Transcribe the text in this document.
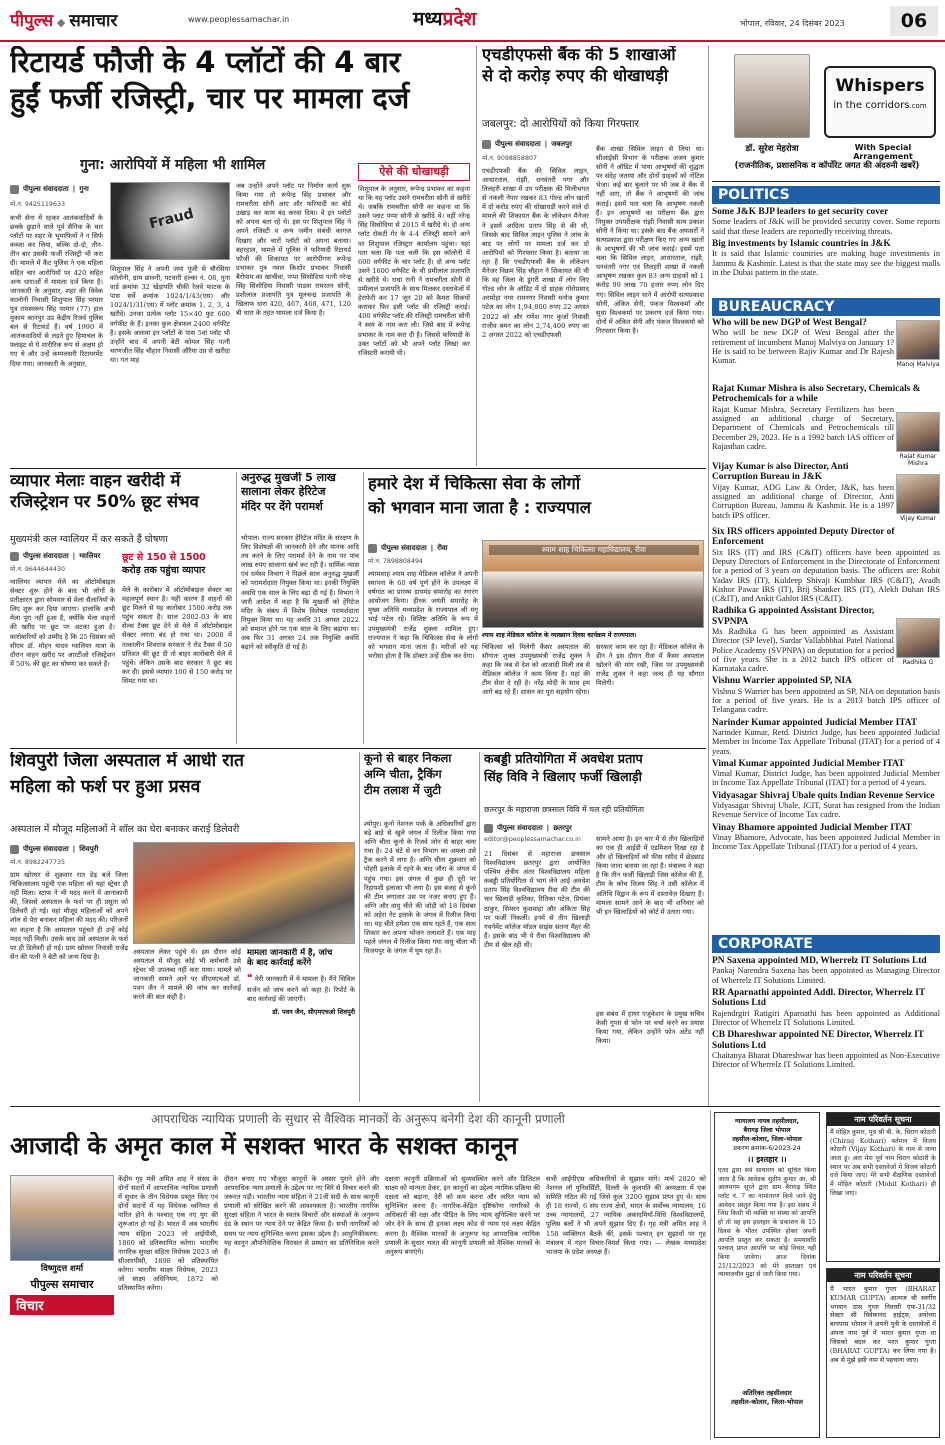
पीपुल्स ◆ समाचार	www.peoplessamachar.in	मध्यप्रदेश	भोपाल, रविवार, 24 दिसंबर 2023	06
रिटायर्ड फौजी के 4 प्लॉटों की 4 बार
हुईं फर्जी रजिस्ट्री, चार पर मामला दर्ज
गुना: आरोपियों में महिला भी शामिल
पीपुल्स संवाददाता | गुना
मो.नं. 9425119633
कभी सेना में रहकर आतंकवादियों के छक्के छुड़ाने वाले पूर्व सैनिक के चार प्लॉटों पर शहर के भूमाफियों ने न सिर्फ कब्जा कर लिया, बल्कि दो-दो, तीन-तीन बार उसकी फर्जी रजिस्ट्री भी करा दी। मामले में कैंट पुलिस ने एक महिला सहित चार आरोपियों पर 420 सहित अन्य धाराओं में मामला दर्ज किया है। जानकारी के अनुसार, शहर की विवेक कालोनी निवासी शिशुपाल सिंह परमार पुत्र रामस्वरूप सिंह परमार (77) हाल मुकाम कानपुर उप्र केंद्रीय रिजर्व पुलिस बल से रिटायर्ड हैं। वर्ष 1990 में आतंकवादियों से लड़ते हुए हिमाचल के फ्लाइट से ये शारीरिक रूप से अक्षम हो गए थे और उन्हें कम्पलसरी रिटायरमेंट दिया गया। जानकारी के अनुसार,
Fraud
शिशुपाल सिंह ने अपनी जमा पूंजी से चौरसिया कॉलोनी, ग्राम छावनी, पटवारी हल्का नं. 08, गुना वार्ड क्रमांक 32 खेड़ापति चौकी रेलवे फाटक के पास सर्वे क्रमांक 1024/1/43(एस) और 1024/1/31(एस) में प्लॉट क्रमांक 1, 2, 3, 4 खरीदे। उनका प्रत्येक प्लॉट 15×40 फुट 600 वर्गफीट के हैं। इनका कुल क्षेत्रफल 2400 वर्गफीट है। इसके अलावा इन प्लॉटों के पास 5वां प्लॉट भी उन्होंने बाद में अपनी बेटी कोमल सिंह पत्नी चरणजीत सिंह चौहान निवासी औरैया उप्र से खरीदा था। गत माह
जब उन्होंने अपने प्लॉट पर निर्माण कार्य शुरू किया गया तो रूपेन्द्र सिंह प्रभाकर और रामचरीता सोनी आए और फरियादी का बोर्ड उखाड़ कर काम बंद करवा दिया। वे इन प्लॉटों को अपना बता रहे थे। इस पर शिशुपाल सिंह ने अपने रजिस्टी व अन्य जमीन संबंधी कागज दिखाए और चारों प्लॉटों को अपना बताया। बहरहाल, मामले में पुलिस ने फरियादी रिटायर्ड फौजी की शिकायत पर आरोपीगण रूपेन्द्र प्रभाकर पुत्र नवल किशोर प्रभाकर निवासी बैरोपाम का खाचीवा, पप्पा सिसोदिया पत्नी नरेन्द्र सिंह सिसोदिया निवासी पाडवा रामरतन सोनी, प्रशीलाल प्रजापति पुत्र मूलचन्द्र प्रजापति के खिलाफ धारा 420, 467, 468, 471, 120 बी धारा के तहत मामला दर्ज किया है।
ऐसे की धोखाधड़ी
शिशुपाल के अनुसार, रूपेन्द्र प्रभाकर का कहना था कि यह प्लॉट उसने रामचरीता सोनी से खरीदे थे। जबकि रामचरीता सोनी का कहना था कि उसने प्लाट पप्पा सोनी से खरीदे थे। वहीं नरेन्द्र सिंह सिसोदिया से 2015 में खरीदे थे। दो अन्य प्लॉट रोकटी गेर के 4-4 रजिस्ट्री सामने आने पर शिशुपाल रजिस्ट्रार कार्यालय पहुंचा। यहां पता चला कि पता चली कि इस कॉलोनी में 600 वर्गफीट के चार प्लॉट हैं। दो अन्य प्लॉट उसने 1600 वर्गफीट के थी प्रमीलाल प्रजापति से खरीदे थे। राधा रानी ने रामचरीता सोनी से प्रमीलाल प्रजापति के साथ मिलकर दस्तावेजों में हेराफेरी कर 17 जून 20 को कैमरा सिकयों कराकर फिर इसी प्लॉट की रजिस्ट्री कराई। 400 वर्गफीट प्लॉट की रजिस्ट्री रामचरीता सोनी ने स्वयं के नाम करा ली। जिसे बाद में रूपेन्द्र प्रभाकर के नाम करा दी है। जिससे फरियादी के उक्त प्लॉटों को भी अपने प्लॉट लिखा कर रजिस्टरी करायी थी।
एचडीएफसी बैंक की 5 शाखाओं
से दो करोड़ रुपए की धोखाधड़ी
जबलपुर: दो आरोपियों को किया गिरफ्तार
पीपुल्स संवाददाता | जबलपुर
मो.नं. 9098858807
एचडीएफसी बैंक की सिविल लाइन, आधारताल, रांझी, धनवंतरी नगर और तिलहरी शाखा में उप परीक्षक की मिलीभगत से नकली नेपार रखकर 83 गोल्ड लोन खातों में दो करोड़ रुपए की धोखाधड़ी करने वाले दो मामले की शिकायत बैंक के लोकेशन मैनेजर ने इसमें आदित्य प्रताप सिंह से की थी, जिसके बाद सिविल लाइन पुलिस ने जांच के बाद पर लोगों पर मामला दर्ज कर दो आरोपियों को गिरफ्तार किया है। बताया जा रहा है कि एचडीएफसी बैंक के लोकेशन मैनेजर विक्रम सिंह चौहान ने शिकायत की थी कि वह जिला के डूंगरी शाखा में लोन लिए गोल्ड लोन के ऑडिट में दो ग्राहक गोरोप्रसाद अरमोहा नगर रामनगर निवासी मनोज कुमार पटेल का लोन 1,94,800 रुपए 22 अगस्त 2022 को और गणेश नगर कुर्जा निवासी राजीव बमन का लोन 2,74,400 रुपए का 2 अगस्त 2022 को एचडीएफसी
बैंक शाखा सिविल लाइन से लिया था। सीआईसी विभाग के परीक्षक अजय कुमार सोनी ने ऑडिट में पाया आभूषणों की शुद्धता पर संदेह जताया और दोनों ग्राहकों को नोटिस भेजा। कई बार बुलाने पर भी जब वे बैंक में नहीं आए, तो बैंक ने आभूषणों की जांच कराई। इसमें पता चला कि आभूषण नकली हैं। इन आभूषणों का परीक्षण बैंक द्वारा नियुक्त उपपरीक्षक रांझी निवासी सत्य प्रकाश सोनी ने किया था। इसके बाद बैंक अफसरों ने सत्यप्रकाश द्वारा परीक्षण किए गए अन्य खातों के आभूषणों की भी जांच कराई। इसमें पता चला कि सिविल लाइन, आधारताल, रांझी, धनवंतरी नगर एवं तिलहरी शाखा में नकली आभूषण रखकर कुल 83 अन्य ग्राहकों को 1 करोड़ 99 लाख 70 हजार रुपए लोन दिए गए। सिविल लाइन थाने में आरोपी सत्यप्रकाश सोनी, अंकित सेनी, पंकज विश्वकर्मा और सुधा विश्वकर्मा पर प्रकरण दर्ज किया गया। दोनों में अंकित सेनी और पंकज विश्वकर्मा को गिरफ्तार किया है।
डॉ. सुरेश मेहरोत्रा
Whispers
in the corridors.com
With Special Arrangement
(राजनीतिक, प्रशासनिक व कॉर्पोरेट जगत की अंदरुनी खबरें)
POLITICS
Some J&K BJP leaders to get security cover
Some leaders of J&K will be provided security cover. Some reports said that these leaders are reportedly receiving threats.
Big investments by Islamic countries in J&K
It is said that Islamic countries are making huge investments in Jammu & Kashmir. Latest is that the state may see the biggest malls in the Dubai pattern in the state.
BUREAUCRACY
Manoj Malviya
Who will be new DGP of West Bengal?
Who will be new DGP of West Bengal after the retirement of incumbent Manoj Malviya on January 1? He is said to be between Rajiv Kumar and Dr Rajesh Kumar.
Rajat Kumar Mishra
Rajat Kumar Mishra is also Secretary, Chemicals & Petrochemicals for a while
Rajat Kumar Mishra, Secretary Fertilizers has been assigned an additional charge of Secretary, Department of Chemicals and Petrochemicals till December 29, 2023. He is a 1992 batch IAS officer of Rajasthan cadre.
Vijay Kumar
Vijay Kumar is also Director, Anti Corruption Bureau in J&K
Vijay Kumar, ADG Law & Order, J&K, has been assigned an additional charge of Director, Anti Corruption Bureau, Jammu & Kashmir. He is a 1997 batch IPS officer.
Six IRS officers appointed Deputy Director of Enforcement
Six IRS (IT) and IRS (C&IT) officers have been appointed as Deputy Directors of Enforcement in the Directorate of Enforcement for a period of 3 years on deputation basis. The officers are: Rohit Yadav IRS (IT), Kuldeep Shivaji Kumbhar IRS (C&IT), Avadh Kishor Pawar IRS (IT), Brij Shanker IRS (IT), Alekh Duhan IRS (C&IT), and Ankit Gahlot IRS (C&IT).
Radhika G
Radhika G appointed Assistant Director, SVPNPA
Ms Radhika G has been appointed as Assistant Director (SP level), Sardar Vallabhbhai Patel National Police Academy (SVPNPA) on deputation for a period of five years. She is a 2012 batch IPS officer of Karnataka cadre.
Vishnu Warrier appointed SP, NIA
Vishnu S Warrier has been appointed as SP, NIA on deputation basis for a period of five years. He is a 2013 batch IPS officer of Telangana cadre.
Narinder Kumar appointed Judicial Member ITAT
Narinder Kumar, Retd. District Judge, has been appointed Judicial Member in Income Tax Appellate Tribunal (ITAT) for a period of 4 years.
Vimal Kumar appointed Judicial Member ITAT
Vimal Kumar, District Judge, has been appointed Judicial Member in Income Tax Appellate Tribunal (ITAT) for a period of 4 years.
Vidyasagar Shivraj Ubale quits Indian Revenue Service
Vidyasagar Shivraj Ubale, JCIT, Surat has resigned from the Indian Revenue Service of Income Tax cadre.
Vinay Bhamore appointed Judicial Member ITAT
Vinay Bhamore, Advocate, has been appointed Judicial Member in Income Tax Appellate Tribunal (ITAT) for a period of 4 years.
CORPORATE
PN Saxena appointed MD, Wherrelz IT Solutions Ltd
Pankaj Narendra Saxena has been appointed as Managing Director of Wherrelz IT Solutions Limited.
RR Aparnathi appointed Addl. Director, Wherrelz IT Solutions Ltd
Rajendrgiri Ratigiri Aparnathi has been appointed as Additional Director of Wherrelz IT Solutions Limited.
CB Dhareshwar appointed NE Director, Wherrelz IT Solutions Ltd
Chaitanya Bharat Dhareshwar has been appointed as Non-Executive Director of Wherrelz IT Solutions Limited.
व्यापार मेलाः वाहन खरीदी में
रजिस्ट्रेशन पर 50% छूट संभव
मुख्यमंत्री कल ग्वालियर में कर सकते हैं घोषणा
पीपुल्स संवाददाता | ग्वालियर
मो.नं. 9644644430
ग्वालियर व्यापार मेले का ऑटोमोबाइल सेक्टर शुरू होने के बाद भी लोगों के प्रतीक्षारत द्वारा सोमवार से मेला सैलानियों के लिए शुरू कर दिया जाएगा। हालांकि अभी मेला पूरा नहीं हुआ है, क्योंकि मेला वाहनों की खरीद पर छूट पर अटका हुआ है। कारोबारियों को उम्मीद है कि 25 दिसंबर को सीएम डॉ. मोहन यादव ग्वालियर यात्रा के दौरान वाहन खरीद पर आरटीओ रजिस्ट्रेशन में 50% की छूट का घोषणा कर सकते हैं।
छूट से 150 से 1500
करोड़ तक पहुंचा व्यापार
मेले के कारोबार में ऑटोमोबाइल सेक्टर का महत्वपूर्ण स्थान है। यही कारण है वाहनों की छूट मिलने से यह कारोबार 1500 करोड़ तक पहुंच सकता है। साल 2002-03 के बाद सेल्स टैक्स छूट देने से मेले में ऑटोमोबाइल सेक्टर लगना बंद हो गया था। 2008 में तत्कालीन शिवराज सरकार ने रोड टैक्स में 50 प्रतिशत की छूट दी तो बाहर कारोबारी मेले में पहुंचे। लेकिन उसके बाद सरकार ने छूट बंद कर दी। इससे व्यापार 100 से 150 करोड़ पर सिमट गया था।
अनुरुद्ध मुखर्जी 5 लाख
सालाना लेकर हेरिटेज
मंदिर पर देंगे परामर्श
भोपाल। राज्य सरकार हेरिटेज मंदिर के संरक्षण के लिए विशेषज्ञों की जानकारी देने और मानक आदि तय करने के लिए परामर्श देने के नाम पर पांच लाख रुपए सालाना खर्च कर रही है। धार्मिक न्यास एवं धर्मस्व विभाग ने पिछले साल अनुरुद्ध मुखर्जी को परामर्शदाता नियुक्त किया था। इनकी नियुक्ति अवधि एक साल के लिए बढ़ा दी गई है। विभाग ने जारी आदेश में कहा है कि मुखर्जी को हेरिटेज मंदिर के संबंध में विशेष विशेषज्ञ परामर्शदाता नियुक्त किया था। यह अवधि 31 अगस्त 2022 को समाप्त होने पर एक साल के लिए बढ़ाया था। अब फिर 31 अगस्त 24 तक नियुक्ति अवधि बढ़ाने को स्वीकृति दी गई है।
हमारे देश में चिकित्सा सेवा के लोगों
को भगवान माना जाता है : राज्यपाल
पीपुल्स संवाददाता | रीवा
मो.नं. 7898808494
श्यामशाह श्याम शाह मेडिकल कॉलेज ने अपनी स्थापना के 60 वर्ष पूर्ण होने के उपलक्ष्य में वर्षगांठ का प्रारम्भ डायमंड समारोह का रंगारंग आयोजन किया। हीरक जयंती समारोह के मुख्य अतिथि मध्यप्रदेश के राज्यपाल श्री मंगू भाई पटेल रहे। विशिष्ट अतिथि के रूप में उपमुख्यमंत्री राजेंद्र शुक्ला शामिल हुए। राज्यपाल ने कहा कि चिकित्सा सेवा के लोगों को भगवान माना जाता है। मरीजों को यह भरोसा होता है कि डॉक्टर उन्हें ठीक कर देगा।
श्याम शाह चिकित्सा महाविद्यालय, रीवा
श्याम शाह मेडिकल कॉलेज के व्याख्यान दिवस कार्यक्रम में राज्यपाल।
चिकित्सा को मिलेगी कैंसर अस्पताल की सौगातः शुक्ल उपमुख्यमंत्री राजेंद्र शुक्ल ने कहा कि जब से देश को आजादी मिली तब से मेडिकल कॉलेज ने काम किया है। यहां की टीम सेवा दे रही है। नरेंद्र मोदी के साथ हम आगे बढ़ रहे हैं। शासन का पूरा सहयोग रहेगा।
सरकार काम कर रहा है। मेडिकल कॉलेज के डीन ने इस दौरान रीवा में कैंसर अस्पताल खोलने की मांग रखी, जिस पर उपमुख्यमंत्री राजेंद्र शुक्ल ने कहा जल्द ही यह सौगात मिलेगी।
शिवपुरी जिला अस्पताल में आधी रात
महिला को फर्श पर हुआ प्रसव
अस्पताल में मौजूद महिलाओं ने शॉल का घेरा बनाकर कराई डिलेवरी
पीपुल्स संवाददाता | शिवपुरी
मो.नं. 8982247735
ग्राम खोरघर से शुक्रवार रात डेढ़ बजे जिला चिकित्सालय पहुंची एक महिला को यहां स्ट्रेचर ही नहीं मिला। स्टाफ ने भी मदद करने में आनाकानी की, जिससे अस्पताल के फर्श पर ही प्रसूता को डिलेवरी हो गई। वहां मौजूद महिलाओं को अपने शॉल से पेरा बनाकर महिला की मदद की। परिजनों का कहना है कि अस्पताल पहुंचते ही उन्हें कोई मदद नहीं मिली। उसके बाद उसे अस्पताल के फर्श पर ही डिलेवरी हो गई। ग्राम खोरघर निवासी राजेंद्र सेन की पत्नी ने बेटी को जन्म दिया है।
अस्पताल लेकर पहुंचे थे। इस दौरान कोई अस्पताल में मौजूद कोई भी कर्मचारी उसे स्ट्रेचर भी उपलब्ध नहीं करा पाया। मामले को जानकारी सामने आने पर सीएमएचओ डॉ. पवन जैन ने मामले की जांच कर कार्रवाई करने की बात कही है।
मामला जानकारी में है, जांच
के बाद कार्रवाई करेंगे
❝ मेरी जानकारी में ये मामला है। मैंने सिविल सर्जन को जांच करने को कहा है। रिपोर्ट के बाद कार्रवाई की जाएगी।
डॉ. पवन जैन, सीएमएचओ शिवपुरी
कूनो से बाहर निकला
अग्नि चीता, ट्रैकिंग
टीम तलाश में जुटी
श्योपुर। कूनो नेशनल पार्क के अधिकारियों द्वारा बड़े बाड़े से खुले जंगल में रिलीज किया गया अग्नि चीता कूनो के रिजर्व जोन से बाहर चला गया है। 24 घंटे से वन विभाग का अमला उसे ट्रैक करने में लगा है। अग्नि चीता शुक्रवार को पोहरी इलाके में रहने के बाद जौरा के जंगल में पहुंच गया। इस जंगल से कुछ ही दूरी पर रिहायशी इलाका भी लगा है। इस बजह से कूनो की टीम लगातार उस पर नजर बनाए हुए हैं। अग्नि और वायु चीते की जोड़ी को 18 दिसंबर को अहेरा गेट इलाके के जंगल में रिलीज किया था। यह चीते हमेशा एक साथ रहते हैं, एक साथ शिकार कर अपना भोजन तलाशते हैं। एक माह पहले जंगल में रिलीज किया गया वायु चीता भी विजयपुर के जंगल में घूम रहा है।
कबड्डी प्रतियोगिता में अवधेश प्रताप
सिंह विवि ने खिलाए फर्जी खिलाड़ी
छतरपुर के महाराजा छत्रसाल विवि में चल रही प्रतियोगिता
पीपुल्स संवाददाता | छतरपुर
editor@peoplessamachar.co.in
21 दिसंबर से महाराजा छत्रसाल विश्वविद्यालय छतरपुर द्वारा आयोजित पश्चिम क्षेत्रीय अंतर विश्वविद्यालय महिला कबड्डी प्रतियोगिता में भाग लेने आई अवधेश प्रताप सिंह विश्वविद्यालय रीवा की टीम की चार खिलाड़ी कृतिका, रितिका पटेल, प्रियंका ठाकुर, सिमरन कुशवाहा और अंकिता सिंह पर फर्जी निकलीं। इनमें से तीन खिलाड़ी गवर्नमेंट कॉलेज मॉडल साइंस सतना मैहर की हैं। इसके बाद भी ये रीवा विश्वविद्यालय की टीम से खेल रही थीं।
सामने आया है। इन चार में से तीन खिलाड़ियों का एक ही आईडी में एडमिशन दिखा रहा है और दो खिलाड़ियों को फीस रसीद में छेड़छाड़ किया जाना बताया जा रहा है। मंत्रालय ने कहा है कि तीन फर्जी खिलाड़ी जिस कॉलेज की हैं, टीम के कोच विजय सिंह ने उसी कॉलेज में अतिथि विद्वान के रूप में दस्तावेज़ दिखाए हैं। मामला सामने आने के बाद भी शनिवार को भी इन खिलाड़ियों को कोर्ट में उतारा गया।
इस संबंध में हायर एजुकेशन के प्रमुख सचिव केसी गुप्ता से फोन पर चर्चा करने का प्रयास किया गया, लेकिन उन्होंने फोन अटेंड नहीं किया।
आपराधिक न्यायिक प्रणाली के सुधार से वैश्विक मानकों के अनुरूप बनेगी देश की कानूनी प्रणाली
आजादी के अमृत काल में सशक्त भारत के सशक्त कानून
विष्णुदत्त शर्मा
पीपुल्स समाचार
विचार
केंद्रीय गृह मंत्री अमित शाह ने संसद के दोनों सदनों में आपराधिक न्यायिक प्रणाली में सुधार के तीन विधेयक प्रस्तुत किए एवं दोनों सदनों में यह विधेयक ध्वनिमत से पारित होने के पश्चात् एक नए युग की शुरूआत हो गई है। भारत में अब भारतीय न्याय संहिता 2023 जो आईपीसी, 1860 को प्रतिस्थापित करेगा। भारतीय नागरिक सुरक्षा संहिता विधेयक 2023 जो सीआरपीसी, 1898 को प्रतिस्थापित करेगा। भारतीय साक्ष्य विधेयक, 2023 जो साक्ष्य अधिनियम, 1872 को प्रतिस्थापित करेगा।
दौरान बनाए गए भौजूदा कानूनों के अस्सर पुराने होने और आपराधिक न्याय प्रणाली के उद्देश्य पर नए सिरे से विचार करने की जरूरत पड़ी। भारतीय न्याय संहिता ने 21वीं सदी के साथ कानूनी प्रणाली को संरेखित करने की आवश्यकता है। भारतीय नागरिक सुरक्षा संहिता ने भारत के स्वतंत्र विचारों और संस्थाओं के अनुरूप दंड के स्थान पर न्याय देने पर केंद्रित किया है। सभी नागरिकों को समय पर न्याय सुनिश्चित करना इसका उद्देश्य है। आधुनिकीकरण: यह कानून औपनिवेशिक विरासत से प्रस्थान का प्रतिनिधित्व करते हैं।
दक्षताः कानूनी प्रक्रियाओं को सुव्यवस्थित करने और डिजिटल साक्ष्य को मान्यता देकर, इन कानूनों का उद्देश्य न्यायिक प्रक्रिया की दक्षता को बढ़ाना, देरी को कम करना और त्वरित न्याय को सुनिश्चित करना है। नागरिक-केंद्रित दृष्टिकोणः नागरिकों के अधिकारों की रक्षा और पीड़ित के लिए न्याय सुनिश्चित करने पर जोर देने के साथ ही इनका लक्ष्य कोड से न्याय एवं लक्ष्य केंद्रित करना है। वैश्विक मानकों के अनुरूपः यह आपराधिक न्यायिक प्रणाली के सुधार भारत की कानूनी प्रणाली को वैश्विक मानकों के अनुरूप बनाएंगे।
सभी आईपीएस अधिकारियों से सुझाव मांगे। मार्च 2020 को नेशनल लॉ यूनिवर्सिटी, दिल्ली के कुलपति की अध्यक्षता में एक समिति गठित की गई जिसे कुल 3200 सुझाव प्राप्त हुए थे। साथ ही 18 राज्यों, 6 संघ राज्य क्षेत्रों, भारत के सर्वोच्च न्यायालय, 16 उच्च न्यायालयों, 27 न्यायिक अकादमियों-विधि विश्वविद्यालयों, पुलिस बलों ने भी अपने सुझाव दिए हैं। गृह मंत्री अमित शाह ने 158 व्यक्तिगत बैठकें कीं, इसके पश्चात् इन सुझावों पर गृह मंत्रालय में गहन विचार-विमर्श किया गया। — लेखक मध्यप्रदेश भाजपा के प्रदेश अध्यक्ष हैं।
न्यायालय नायब तहसीलदार,
बैरागढ़ जिला भोपाल
तहसील-कोलार, जिला-भोपाल
प्रकरण क्रमांक-6/2023-24
।। इश्तहार ।।
एतद द्वारा सर्व साधारण को सूचित किया जाता है कि आवेदक सुदीप कुमार आ. श्री आलमगम सुरते द्वारा ग्राम बैरागढ़ स्थित प्लॉट नं. 7 का नामांतरण किये जाने हेतु आवेदन प्रस्तुत किया गया है। इस संबंध में जिस किसी भी व्यक्ति या संस्था को आपत्ति हो तो वह इस इश्तहार के प्रकाशन के 15 दिवस के भीतर उपस्थित होकर अपनी आपत्ति प्रस्तुत कर सकता है। समयावधि पश्चात् प्राप्त आपत्ति पर कोई विचार नहीं किया जावेगा। आज दिनांक 21/12/2023 को मेरे हस्ताक्षर एवं न्यायालयीन मुद्रा से जारी किया गया।
अतिरिक्त तहसीलदार
तहसील-कोलार, जिला-भोपाल
नाम परिवर्तन सूचना
मैं मोहित कुमार, पुत्र श्री बी. के. चिराग कोठारी (Chirag Kothari) वर्तमान में विजय कोठारी (Vijay Kothari) के नाम से जाना जाता हूं। अतः मेरा पूर्व नाम चिराग कोठारी के स्थान पर अब सभी दस्तावेजों में विजय कोठारी दर्ज किया जाए। मेरे सभी शैक्षणिक दस्तावेजों में मोहित कोठारी (Mohit Kothari) ही लिखा जाए।
नाम परिवर्तन सूचना
मैं भारत कुमार गुप्ता (BHARAT KUMAR GUPTA) आत्मज श्री स्वर्गीय भगवान दास गुप्ता निवासी एफ-31/32 सेक्टर सी विवेकानंद हाईट्स, अयोध्या बायपास भोपाल ने अपनी पुत्री के दस्तावेजों में अपना नाम पूर्व में भारत कुमार गुप्ता था जिसको बदल कर भरत कुमार गुप्ता (BHARAT GUPTA) कर लिया गया है। अब से मुझे इसी नाम से पहचाना जाए।
